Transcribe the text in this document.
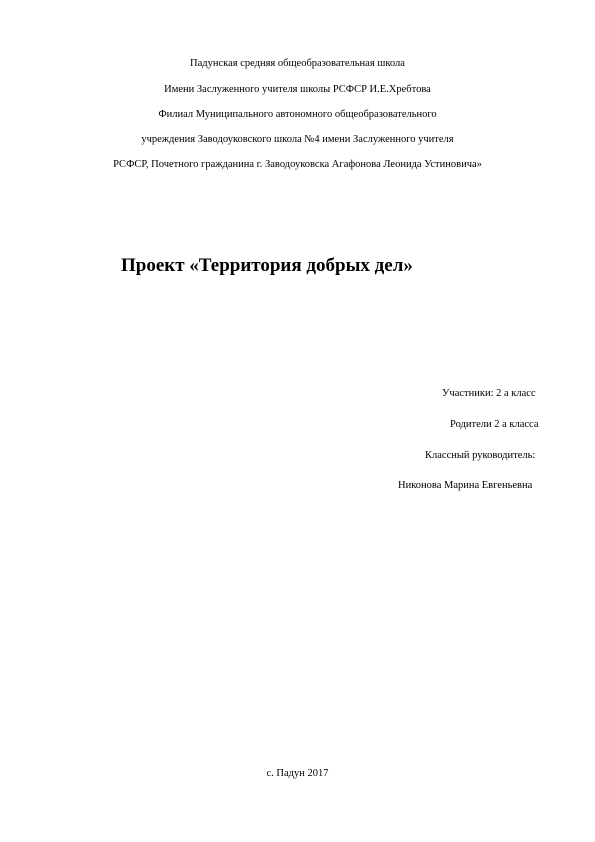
Падунская средняя общеобразовательная школа
Имени Заслуженного учителя школы РСФСР И.Е.Хребтова
Филиал Муниципального автономного общеобразовательного
учреждения Заводоуковского школа №4 имени Заслуженного учителя
РСФСР, Почетного гражданина г. Заводоуковска Агафонова Леонида Устиновича»
Проект «Территория добрых дел»
Участники: 2 а класс
Родители 2 а класса
Классный руководитель:
Никонова Марина Евгеньевна
с. Падун 2017
